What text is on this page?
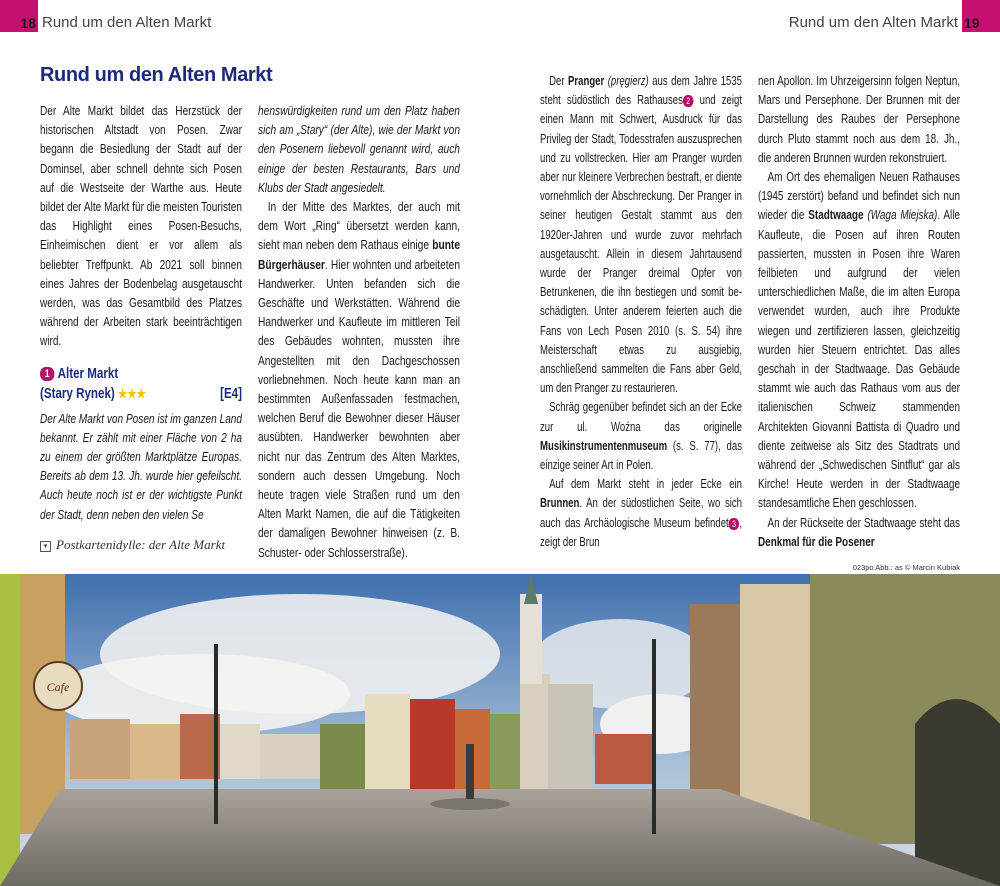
18 Rund um den Alten Markt	Rund um den Alten Markt 19
Rund um den Alten Markt

Der Alte Markt bildet das Herzstück der historischen Altstadt von Posen. Zwar begann die Besiedlung der Stadt auf der Dominsel, aber schnell dehnte sich Posen auf die Westseite der Warthe aus. Heute bildet der Alte Markt für die meisten Touristen das Highlight eines Posen-Besuchs, Einheimischen dient er vor allem als beliebter Treffpunkt. Ab 2021 soll binnen eines Jahres der Bodenbelag ausgetauscht werden, was das Gesamtbild des Platzes während der Arbeiten stark beeinträchtigen wird.

1 Alter Markt
(Stary Rynek) ★★★	[E4]
Der Alte Markt von Posen ist im ganzen Land bekannt. Er zählt mit einer Fläche von 2 ha zu einem der größten Marktplätze Europas. Bereits ab dem 13. Jh. wurde hier gefeilscht. Auch heute noch ist er der wichtigste Punkt der Stadt, denn neben den vielen Se

henswürdigkeiten rund um den Platz haben sich am „Stary“ (der Alte), wie der Markt von den Posenern liebevoll genannt wird, auch einige der besten Restaurants, Bars und Klubs der Stadt angesiedelt.

In der Mitte des Marktes, der auch mit dem Wort „Ring“ übersetzt werden kann, sieht man neben dem Rathaus einige bunte Bürgerhäuser. Hier wohnten und arbeiteten Handwerker. Unten befanden sich die Geschäfte und Werkstätten. Während die Handwerker und Kaufleute im mittleren Teil des Gebäudes wohnten, mussten ihre Angestellten mit den Dachgeschossen vorliebnehmen. Noch heute kann man an bestimmten Außenfassaden festmachen, welchen Beruf die Bewohner dieser Häuser ausübten. Handwerker bewohnten aber nicht nur das Zentrum des Alten Marktes, sondern auch dessen Umgebung. Noch heute tragen viele Straßen rund um den Alten Markt Namen, die auf die Tätigkeiten der damaligen Bewohner hinweisen (z. B. Schuster- oder Schlosserstraße).

Der Pranger (pręgierz) aus dem Jahre 1535 steht südöstlich des Rathauses 2 und zeigt einen Mann mit Schwert, Ausdruck für das Privileg der Stadt, Todesstrafen auszusprechen und zu vollstrecken. Hier am Pranger wurden aber nur kleinere Verbrechen bestraft, er diente vornehmlich der Abschreckung. Der Pranger in seiner heutigen Gestalt stammt aus den 1920er-Jahren und wurde zuvor mehrfach ausgetauscht. Allein in diesem Jahrtausend wurde der Pranger dreimal Opfer von Betrunkenen, die ihn bestiegen und somit beschädigten. Unter anderem feierten auch die Fans von Lech Posen 2010 (s. S. 54) ihre Meisterschaft etwas zu ausgiebig, anschließend sammelten die Fans aber Geld, um den Pranger zu restaurieren.

Schräg gegenüber befindet sich an der Ecke zur ul. Woźna das originelle Musikinstrumentenmuseum (s. S. 77), das einzige seiner Art in Polen.

Auf dem Markt steht in jeder Ecke ein Brunnen. An der südostlichen Seite, wo sich auch das Archäologische Museum befindet 3 , zeigt der Brun

nen Apollon. Im Uhrzeigersinn folgen Neptun, Mars und Persephone. Der Brunnen mit der Darstellung des Raubes der Persephone durch Pluto stammt noch aus dem 18. Jh., die anderen Brunnen wurden rekonstruiert.

Am Ort des ehemaligen Neuen Rathauses (1945 zerstört) befand und befindet sich nun wieder die Stadtwaage (Waga Miejska). Alle Kaufleute, die Posen auf ihren Routen passierten, mussten in Posen ihre Waren feilbieten und aufgrund der vielen unterschiedlichen Maße, die im alten Europa verwendet wurden, auch ihre Produkte wiegen und zertifizieren lassen, gleichzeitig wurden hier Steuern entrichtet. Das alles geschah in der Stadtwaage. Das Gebäude stammt wie auch das Rathaus vom aus der italienischen Schweiz stammenden Architekten Giovanni Battista di Quadro und diente zeitweise als Sitz des Stadtrats und während der „Schwedischen Sintflut“ gar als Kirche! Heute werden in der Stadtwaage standesamtliche Ehen geschlossen.

An der Rückseite der Stadtwaage steht das Denkmal für die Posener

▾ Postkartenidylle: der Alte Markt
023po Abb.: as © Marcin Kubiak
Cafe
